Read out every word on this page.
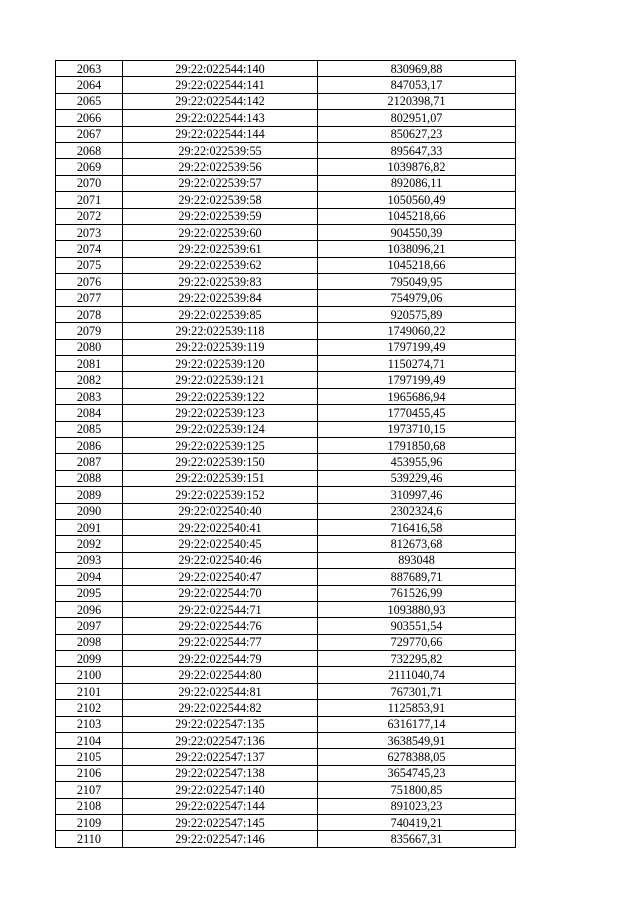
2063	29:22:022544:140	830969,88
2064	29:22:022544:141	847053,17
2065	29:22:022544:142	2120398,71
2066	29:22:022544:143	802951,07
2067	29:22:022544:144	850627,23
2068	29:22:022539:55	895647,33
2069	29:22:022539:56	1039876,82
2070	29:22:022539:57	892086,11
2071	29:22:022539:58	1050560,49
2072	29:22:022539:59	1045218,66
2073	29:22:022539:60	904550,39
2074	29:22:022539:61	1038096,21
2075	29:22:022539:62	1045218,66
2076	29:22:022539:83	795049,95
2077	29:22:022539:84	754979,06
2078	29:22:022539:85	920575,89
2079	29:22:022539:118	1749060,22
2080	29:22:022539:119	1797199,49
2081	29:22:022539:120	1150274,71
2082	29:22:022539:121	1797199,49
2083	29:22:022539:122	1965686,94
2084	29:22:022539:123	1770455,45
2085	29:22:022539:124	1973710,15
2086	29:22:022539:125	1791850,68
2087	29:22:022539:150	453955,96
2088	29:22:022539:151	539229,46
2089	29:22:022539:152	310997,46
2090	29:22:022540:40	2302324,6
2091	29:22:022540:41	716416,58
2092	29:22:022540:45	812673,68
2093	29:22:022540:46	893048
2094	29:22:022540:47	887689,71
2095	29:22:022544:70	761526,99
2096	29:22:022544:71	1093880,93
2097	29:22:022544:76	903551,54
2098	29:22:022544:77	729770,66
2099	29:22:022544:79	732295,82
2100	29:22:022544:80	2111040,74
2101	29:22:022544:81	767301,71
2102	29:22:022544:82	1125853,91
2103	29:22:022547:135	6316177,14
2104	29:22:022547:136	3638549,91
2105	29:22:022547:137	6278388,05
2106	29:22:022547:138	3654745,23
2107	29:22:022547:140	751800,85
2108	29:22:022547:144	891023,23
2109	29:22:022547:145	740419,21
2110	29:22:022547:146	835667,31
